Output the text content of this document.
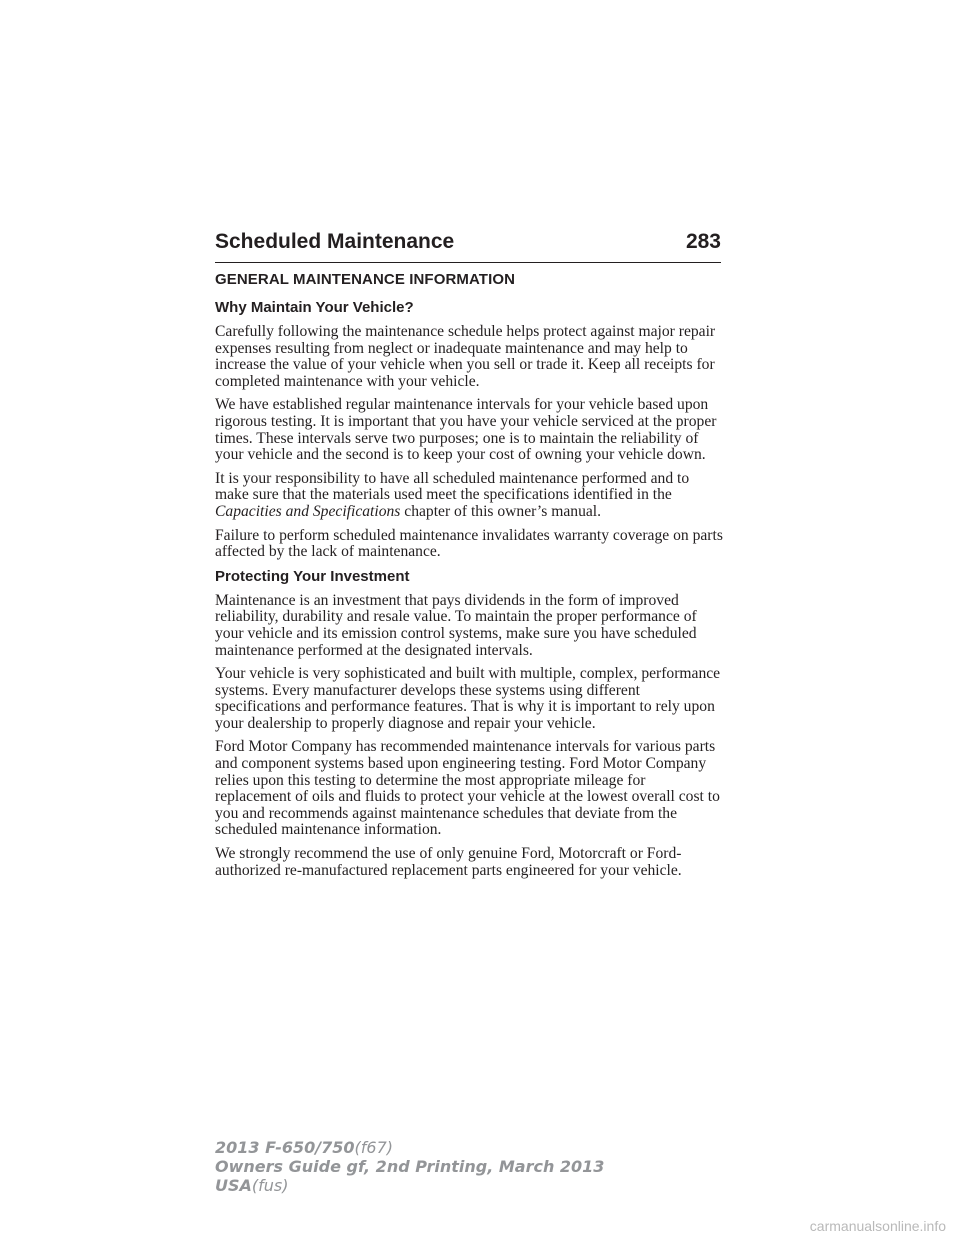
Scheduled Maintenance	283
GENERAL MAINTENANCE INFORMATION
Why Maintain Your Vehicle?

Carefully following the maintenance schedule helps protect against major repair expenses resulting from neglect or inadequate maintenance and may help to increase the value of your vehicle when you sell or trade it. Keep all receipts for completed maintenance with your vehicle.

We have established regular maintenance intervals for your vehicle based upon rigorous testing. It is important that you have your vehicle serviced at the proper times. These intervals serve two purposes; one is to maintain the reliability of your vehicle and the second is to keep your cost of owning your vehicle down.

It is your responsibility to have all scheduled maintenance performed and to make sure that the materials used meet the specifications identified in the Capacities and Specifications chapter of this owner’s manual.

Failure to perform scheduled maintenance invalidates warranty coverage on parts affected by the lack of maintenance.

Protecting Your Investment

Maintenance is an investment that pays dividends in the form of improved reliability, durability and resale value. To maintain the proper performance of your vehicle and its emission control systems, make sure you have scheduled maintenance performed at the designated intervals.

Your vehicle is very sophisticated and built with multiple, complex, performance systems. Every manufacturer develops these systems using different specifications and performance features. That is why it is important to rely upon your dealership to properly diagnose and repair your vehicle.

Ford Motor Company has recommended maintenance intervals for various parts and component systems based upon engineering testing. Ford Motor Company relies upon this testing to determine the most appropriate mileage for replacement of oils and fluids to protect your vehicle at the lowest overall cost to you and recommends against maintenance schedules that deviate from the scheduled maintenance information.

We strongly recommend the use of only genuine Ford, Motorcraft or Ford-authorized re-manufactured replacement parts engineered for your vehicle.

2013 F-650/750(f67)
Owners Guide gf, 2nd Printing, March 2013
USA(fus)
carmanualsonline.info
